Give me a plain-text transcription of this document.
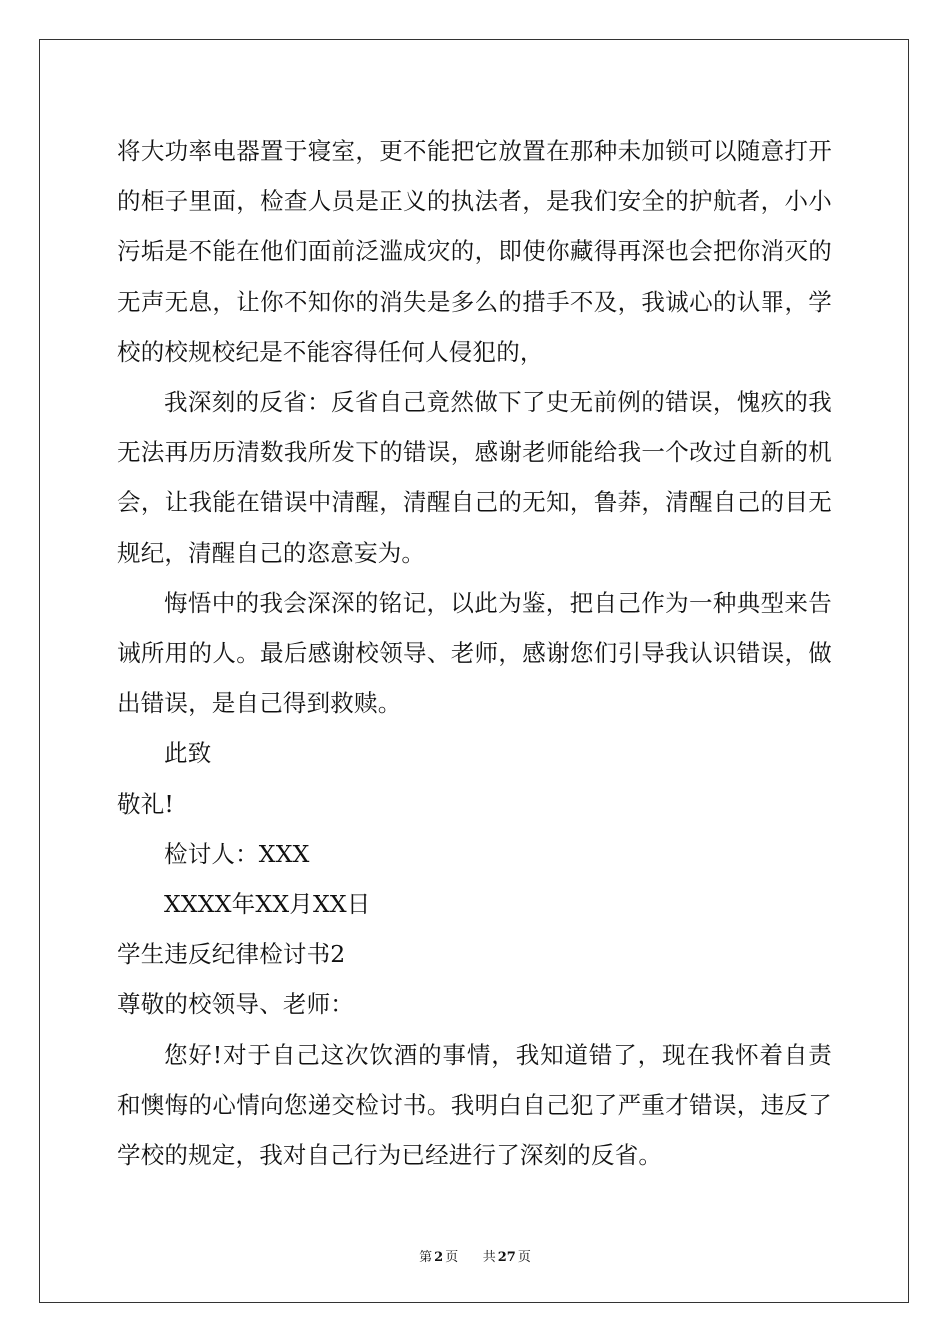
将大功率电器置于寝室，更不能把它放置在那种未加锁可以随意打开的柜子里面，检查人员是正义的执法者，是我们安全的护航者，小小污垢是不能在他们面前泛滥成灾的，即使你藏得再深也会把你消灭的无声无息，让你不知你的消失是多么的措手不及，我诚心的认罪，学校的校规校纪是不能容得任何人侵犯的，

我深刻的反省：反省自己竟然做下了史无前例的错误，愧疚的我无法再历历清数我所发下的错误，感谢老师能给我一个改过自新的机会，让我能在错误中清醒，清醒自己的无知，鲁莽，清醒自己的目无规纪，清醒自己的恣意妄为。

悔悟中的我会深深的铭记，以此为鉴，把自己作为一种典型来告诫所用的人。最后感谢校领导、老师，感谢您们引导我认识错误，做出错误，是自己得到救赎。

此致

敬礼!

检讨人：XXX

XXXX年XX月XX日

学生违反纪律检讨书2

尊敬的校领导、老师：

您好!对于自己这次饮酒的事情，我知道错了，现在我怀着自责和懊悔的心情向您递交检讨书。我明白自己犯了严重才错误，违反了学校的规定，我对自己行为已经进行了深刻的反省。

第 2 页 共 27 页
